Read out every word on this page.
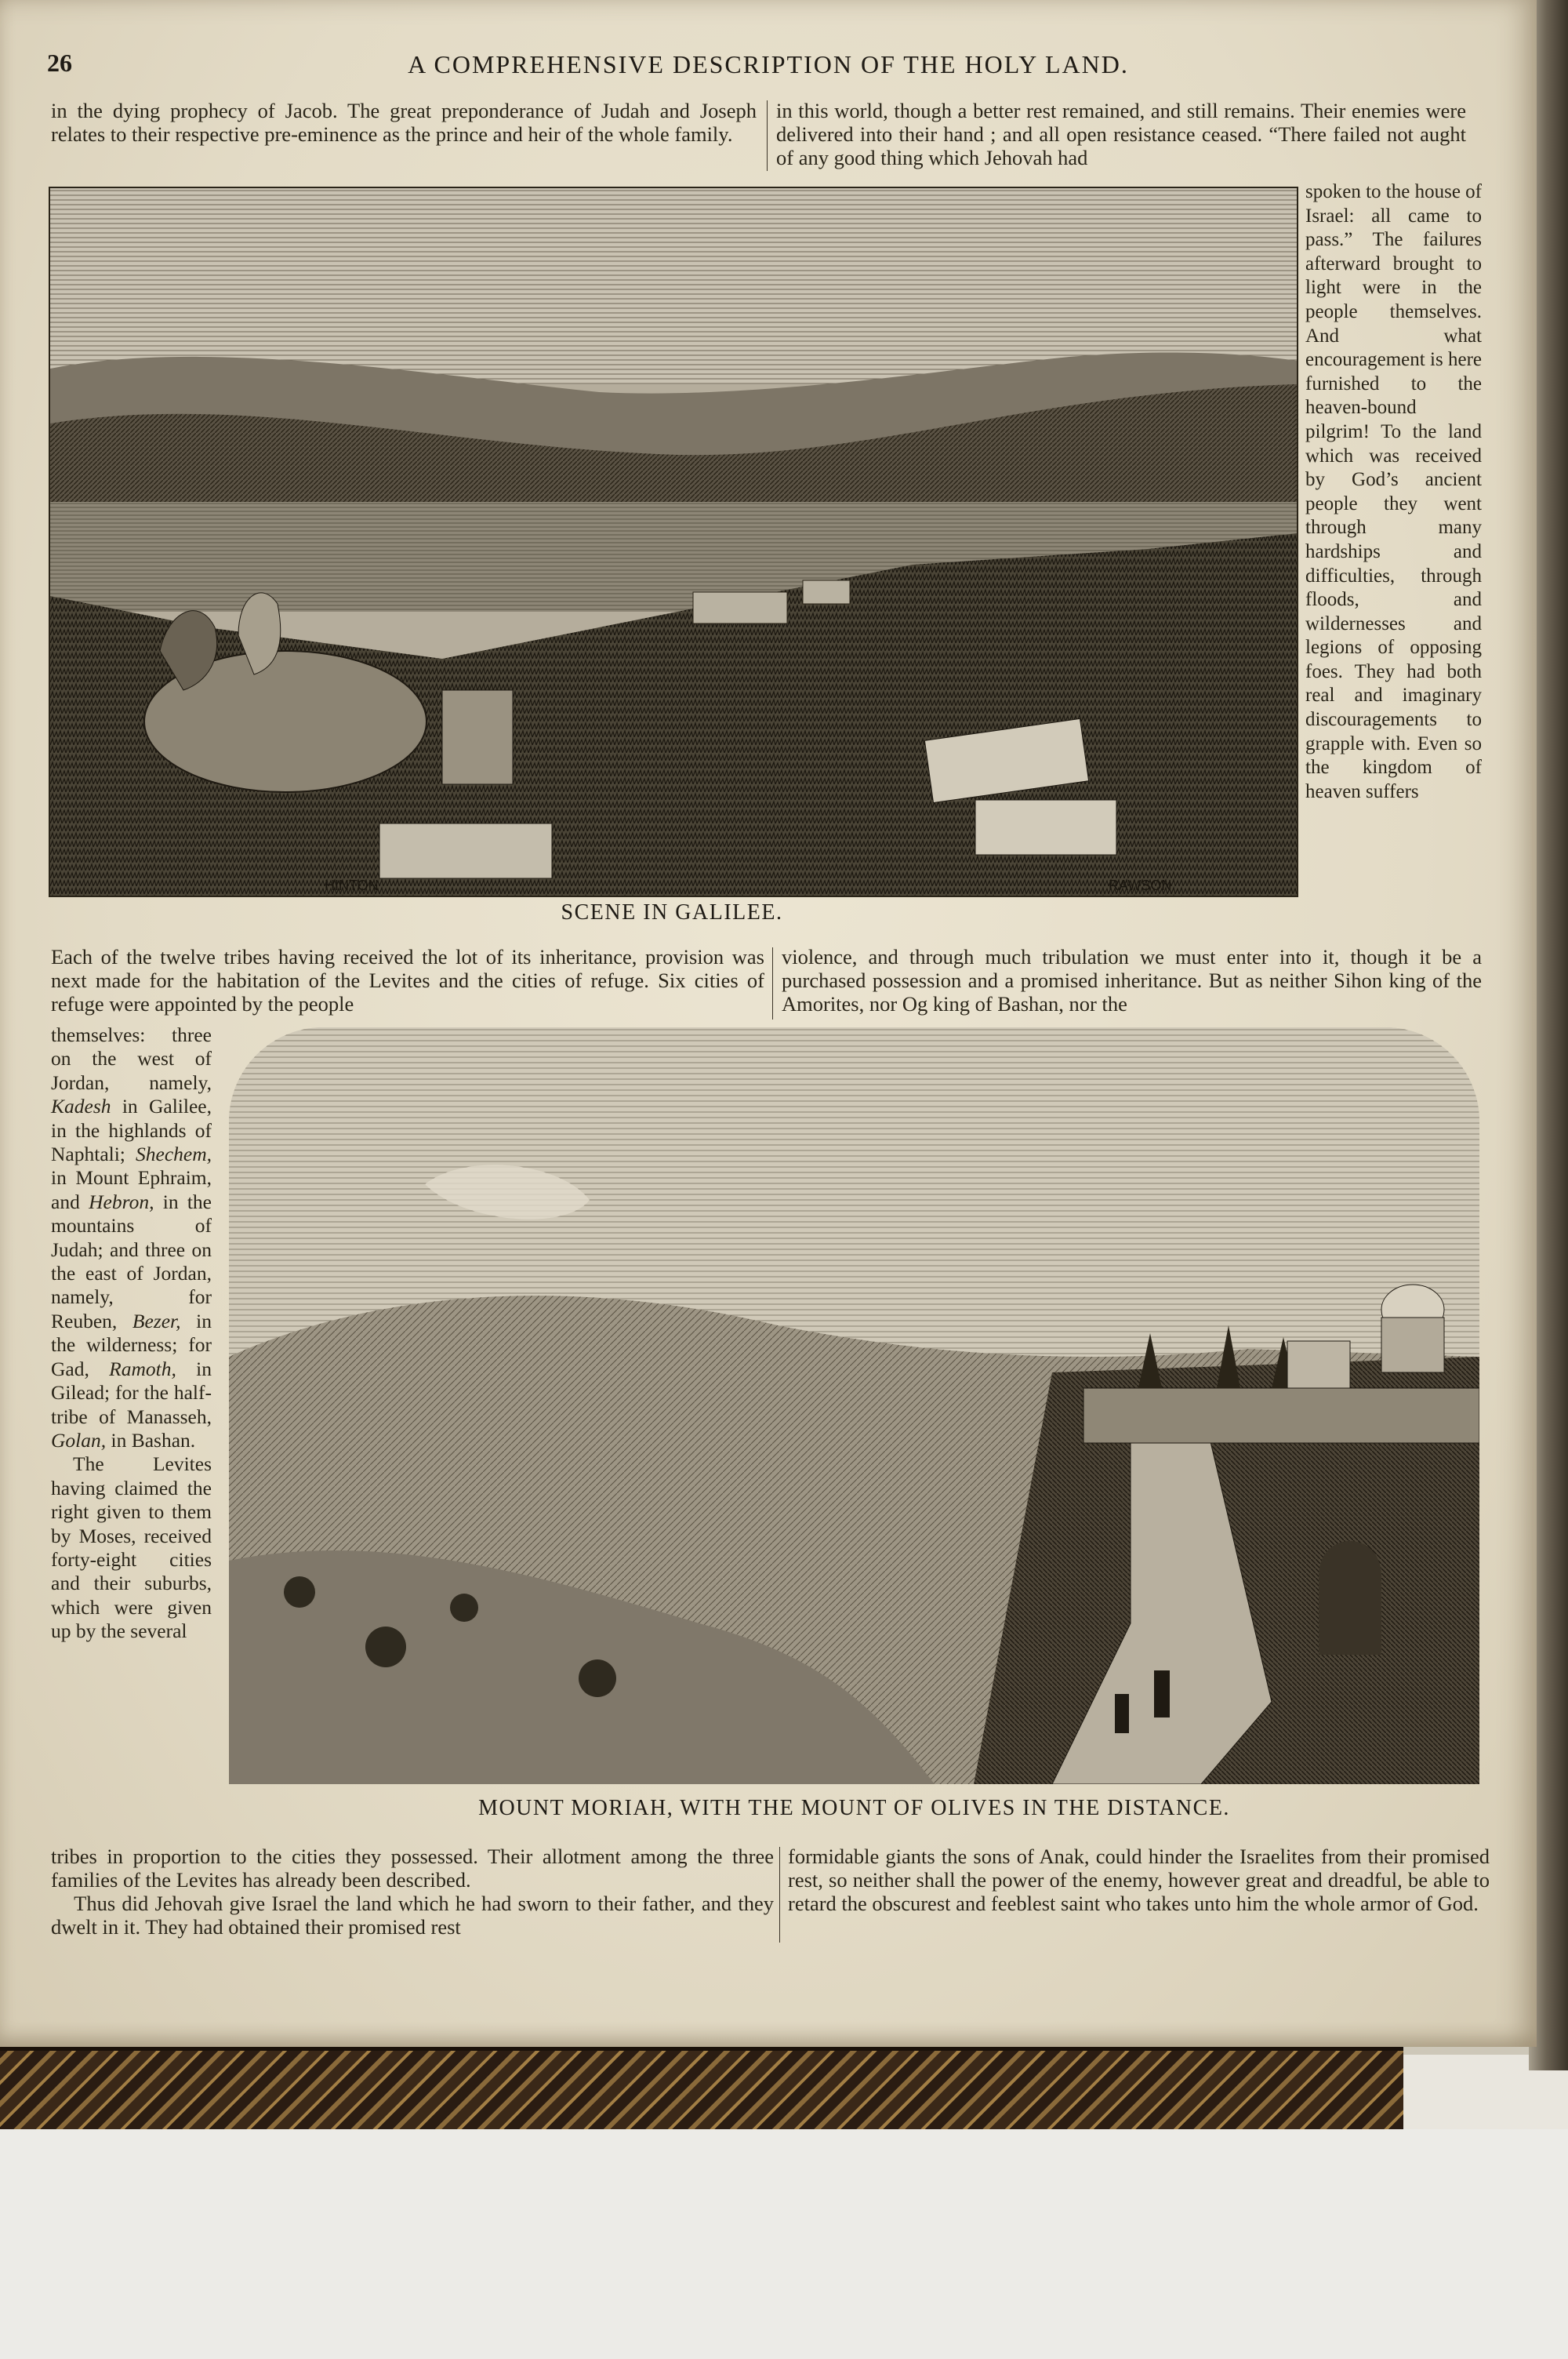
26	A COMPREHENSIVE DESCRIPTION OF THE HOLY LAND.

in the dying prophecy of Jacob. The great preponderance of Judah and Joseph relates to their respective pre-eminence as the prince and heir of the whole family.

in this world, though a better rest remained, and still remains. Their enemies were delivered into their hand ; and all open resistance ceased. “There failed not aught of any good thing which Jehovah had

HINTON	RAWSON
SCENE IN GALILEE.

spoken to the house of Israel: all came to pass.” The failures afterward brought to light were in the people themselves. And what encouragement is here furnished to the heaven-bound pilgrim! To the land which was received by God’s ancient people they went through many hardships and difficulties, through floods, and wildernesses and legions of opposing foes. They had both real and imaginary discouragements to grapple with. Even so the kingdom of heaven suffers

Each of the twelve tribes having received the lot of its inheritance, provision was next made for the habitation of the Levites and the cities of refuge. Six cities of refuge were appointed by the people

violence, and through much tribulation we must enter into it, though it be a purchased possession and a promised inheritance. But as neither Sihon king of the Amorites, nor Og king of Bashan, nor the

themselves: three on the west of Jordan, namely, Kadesh in Galilee, in the highlands of Naphtali; Shechem, in Mount Ephraim, and Hebron, in the mountains of Judah; and three on the east of Jordan, namely, for Reuben, Bezer, in the wilderness; for Gad, Ramoth, in Gilead; for the half-tribe of Manasseh, Golan, in Bashan.
The Levites having claimed the right given to them by Moses, received forty-eight cities and their suburbs, which were given up by the several

MOUNT MORIAH, WITH THE MOUNT OF OLIVES IN THE DISTANCE.

tribes in proportion to the cities they possessed. Their allotment among the three families of the Levites has already been described.

Thus did Jehovah give Israel the land which he had sworn to their father, and they dwelt in it. They had obtained their promised rest

formidable giants the sons of Anak, could hinder the Israelites from their promised rest, so neither shall the power of the enemy, however great and dreadful, be able to retard the obscurest and feeblest saint who takes unto him the whole armor of God.
